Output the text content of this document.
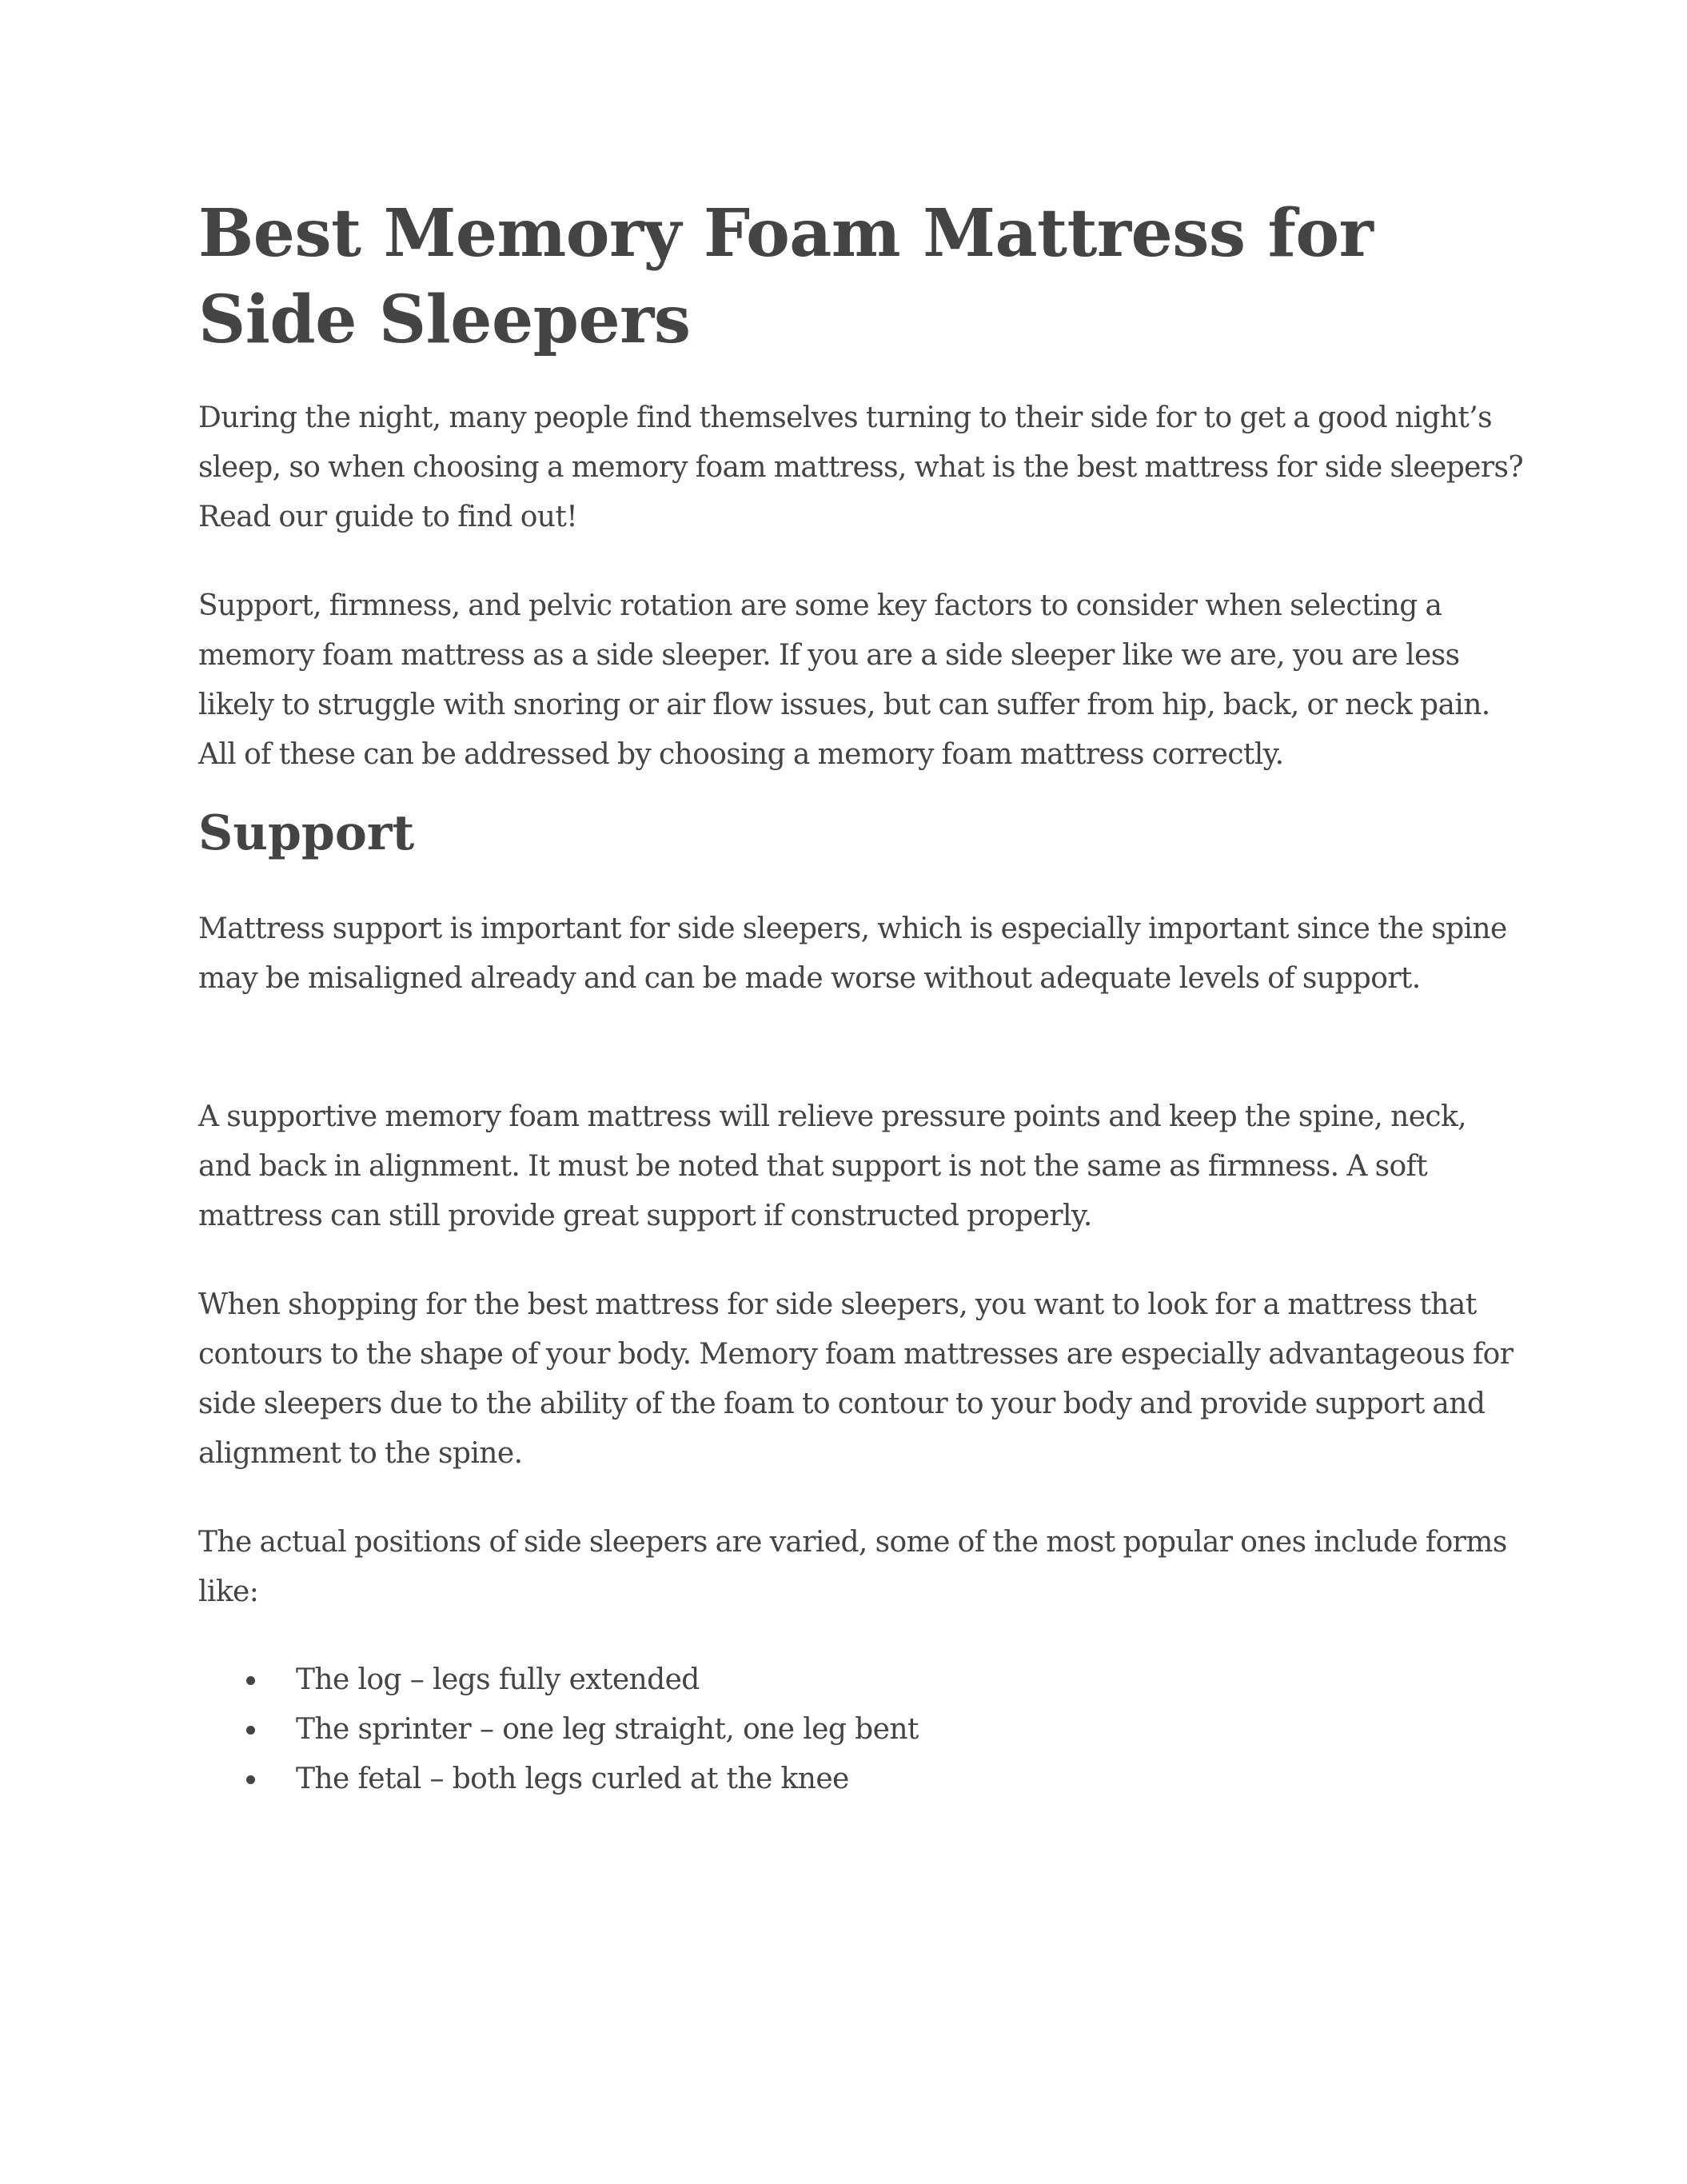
Best Memory Foam Mattress for Side Sleepers

During the night, many people find themselves turning to their side for to get a good night’s sleep, so when choosing a memory foam mattress, what is the best mattress for side sleepers? Read our guide to find out!

Support, firmness, and pelvic rotation are some key factors to consider when selecting a memory foam mattress as a side sleeper. If you are a side sleeper like we are, you are less likely to struggle with snoring or air flow issues, but can suffer from hip, back, or neck pain. All of these can be addressed by choosing a memory foam mattress correctly.

Support

Mattress support is important for side sleepers, which is especially important since the spine may be misaligned already and can be made worse without adequate levels of support.

A supportive memory foam mattress will relieve pressure points and keep the spine, neck, and back in alignment. It must be noted that support is not the same as firmness. A soft mattress can still provide great support if constructed properly.

When shopping for the best mattress for side sleepers, you want to look for a mattress that contours to the shape of your body. Memory foam mattresses are especially advantageous for side sleepers due to the ability of the foam to contour to your body and provide support and alignment to the spine.

The actual positions of side sleepers are varied, some of the most popular ones include forms like:

The log – legs fully extended
The sprinter – one leg straight, one leg bent
The fetal – both legs curled at the knee
